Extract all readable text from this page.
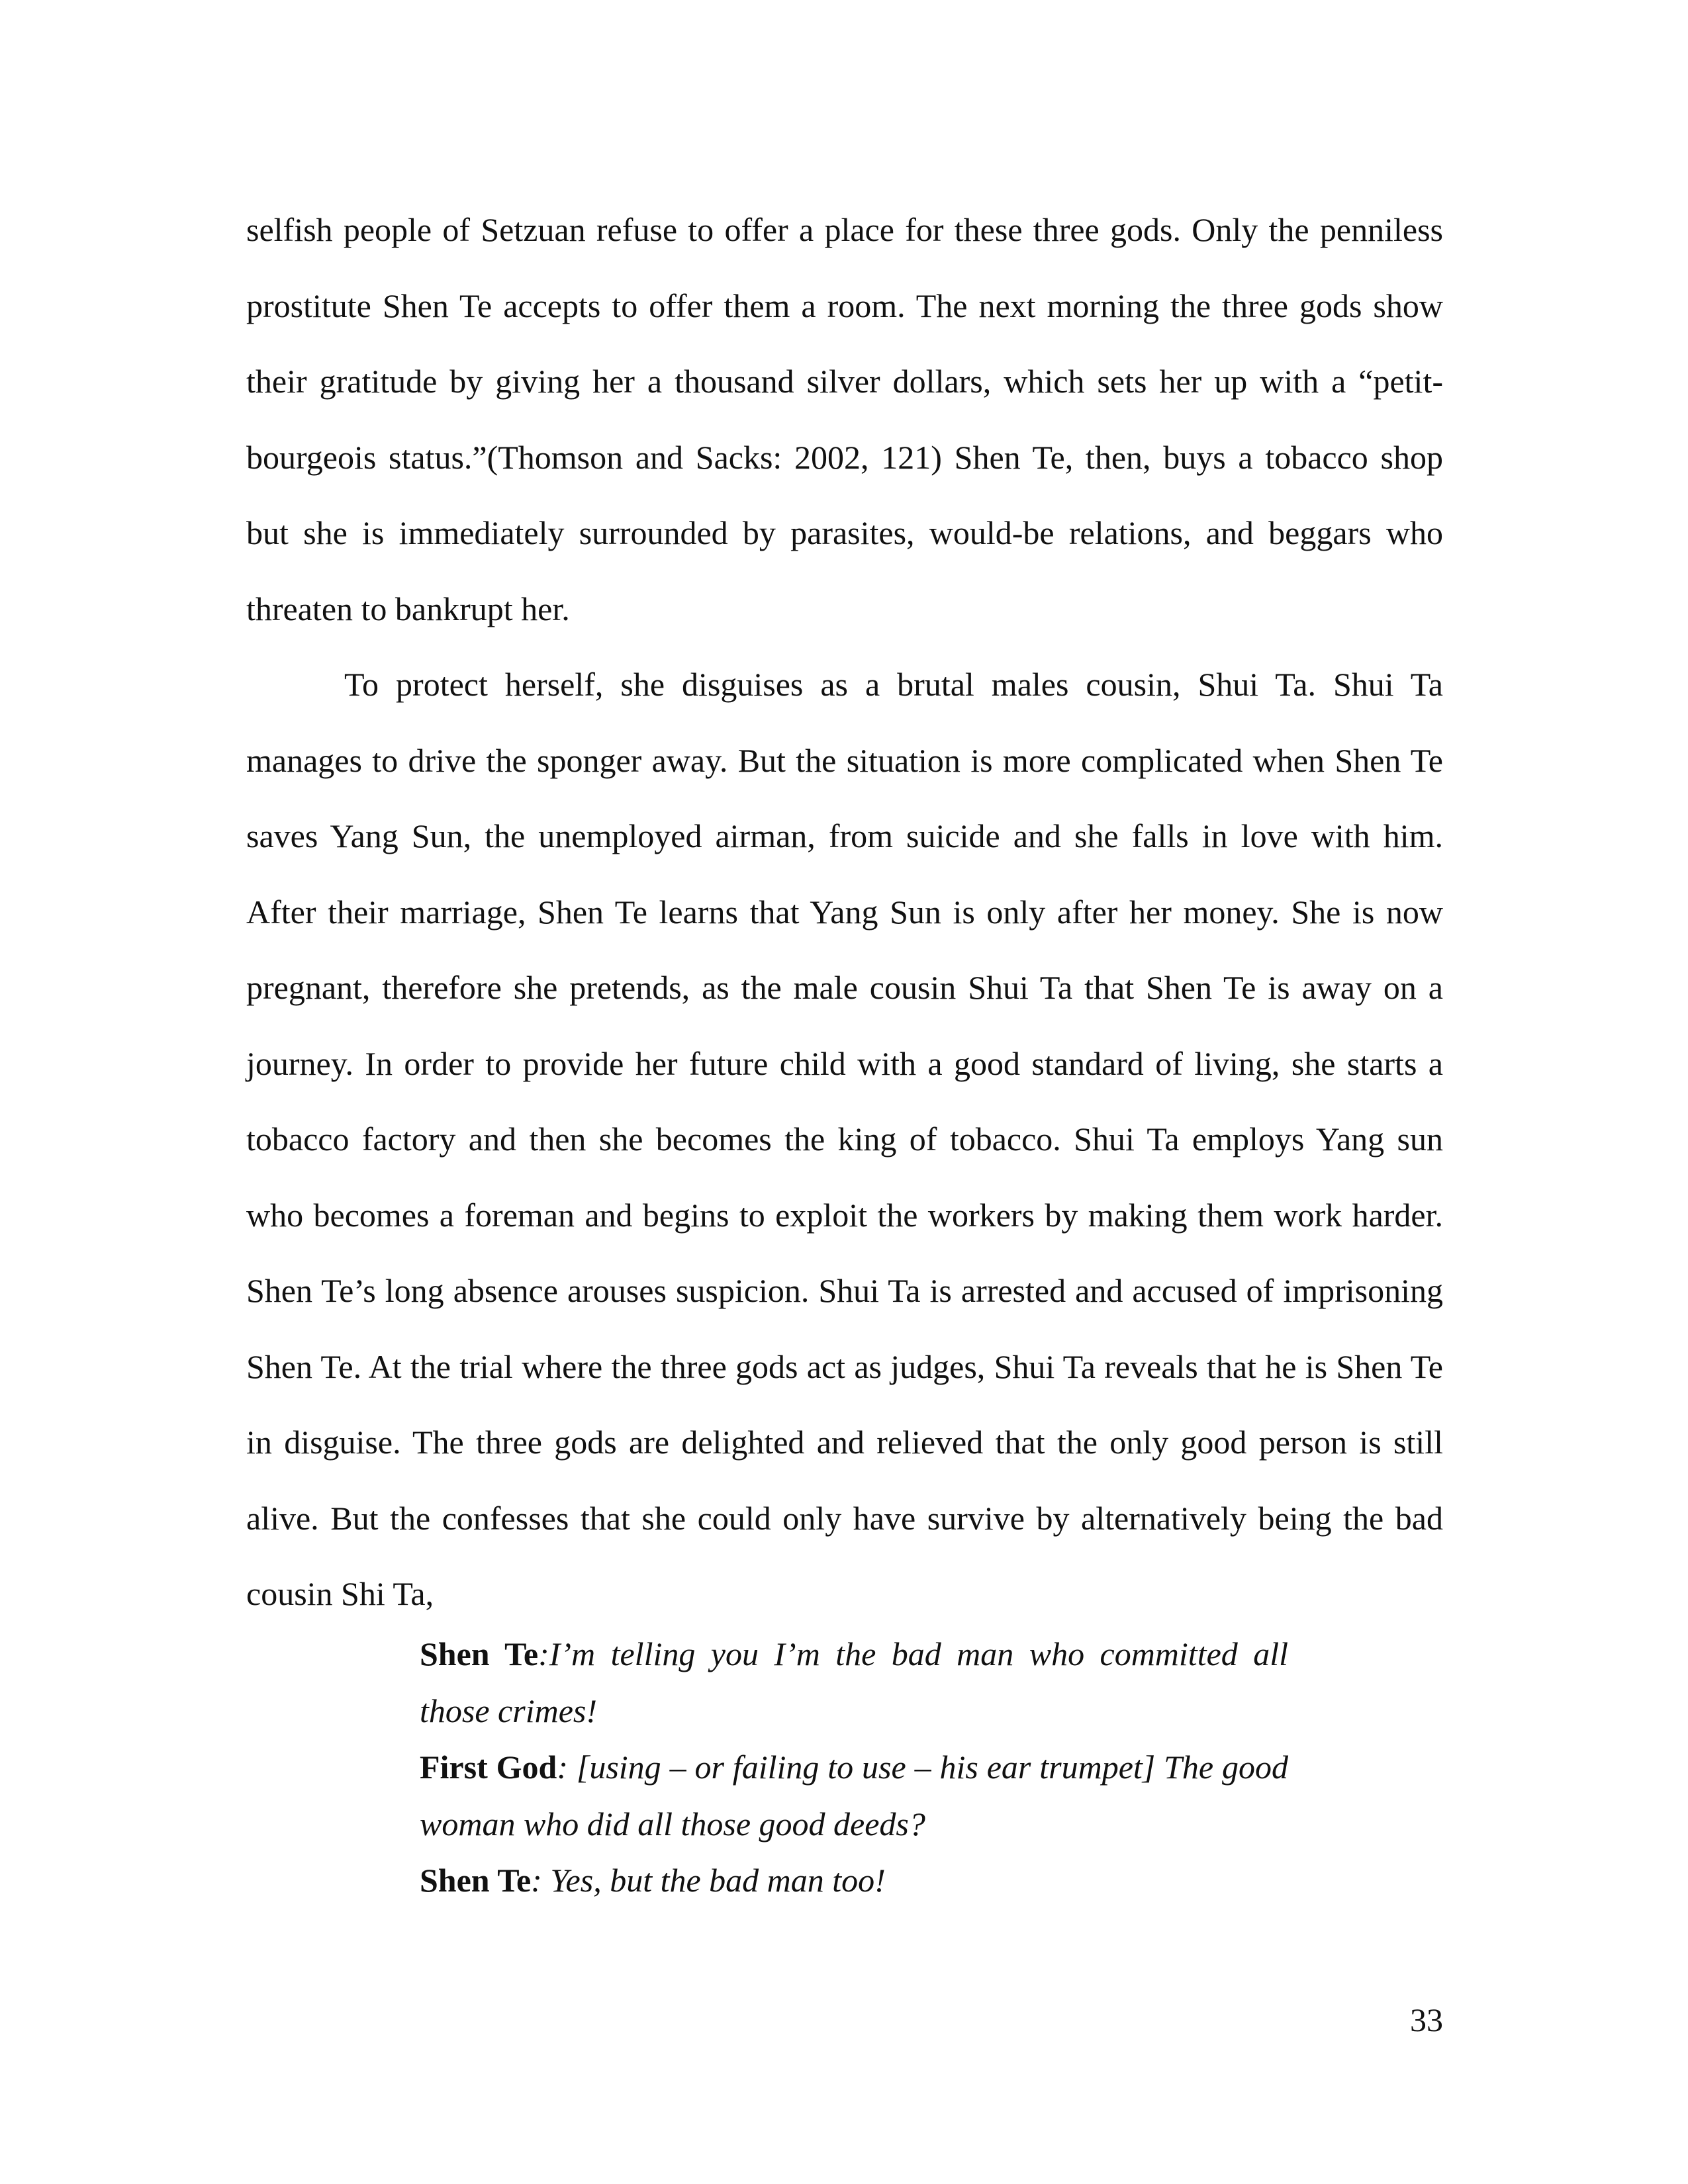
selfish people of Setzuan refuse to offer a place for these three gods. Only the penniless prostitute Shen Te accepts to offer them a room. The next morning the three gods show their gratitude by giving her a thousand silver dollars, which sets her up with a “petit-bourgeois status.”(Thomson and Sacks: 2002, 121) Shen Te, then, buys a tobacco shop but she is immediately surrounded by parasites, would-be relations, and beggars who threaten to bankrupt her.

To protect herself, she disguises as a brutal males cousin, Shui Ta. Shui Ta manages to drive the sponger away. But the situation is more complicated when Shen Te saves Yang Sun, the unemployed airman, from suicide and she falls in love with him. After their marriage, Shen Te learns that Yang Sun is only after her money. She is now pregnant, therefore she pretends, as the male cousin Shui Ta that Shen Te is away on a journey. In order to provide her future child with a good standard of living, she starts a tobacco factory and then she becomes the king of tobacco. Shui Ta employs Yang sun who becomes a foreman and begins to exploit the workers by making them work harder. Shen Te’s long absence arouses suspicion. Shui Ta is arrested and accused of imprisoning Shen Te. At the trial where the three gods act as judges, Shui Ta reveals that he is Shen Te in disguise. The three gods are delighted and relieved that the only good person is still alive. But the confesses that she could only have survive by alternatively being the bad cousin Shi Ta,

Shen Te:I’m telling you I’m the bad man who committed all those crimes!

First God: [using – or failing to use – his ear trumpet] The good woman who did all those good deeds?

Shen Te: Yes, but the bad man too!

33
